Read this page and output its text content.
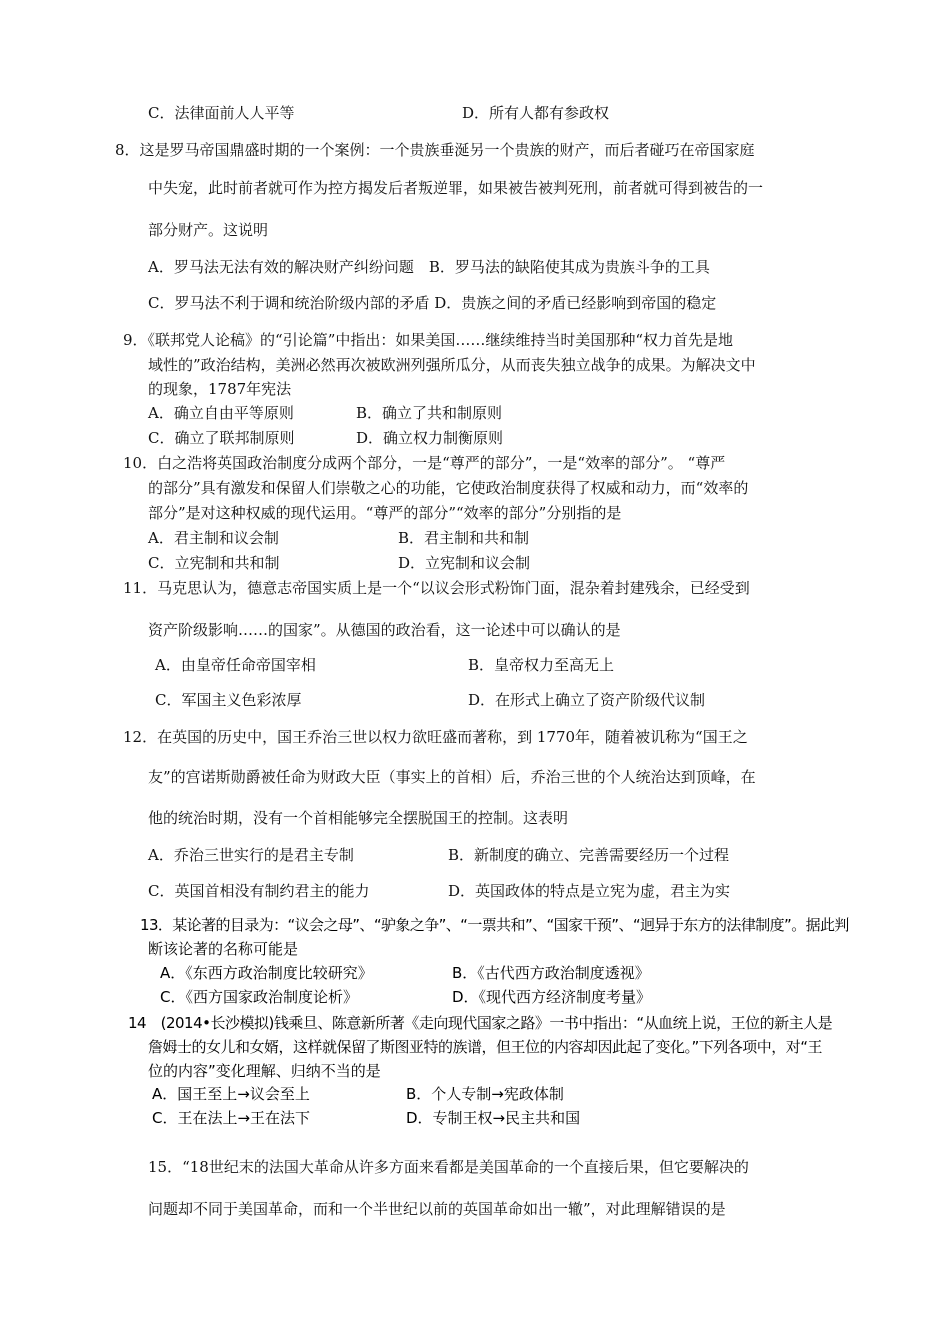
C．法律面前人人平等	D．所有人都有参政权
8．这是罗马帝国鼎盛时期的一个案例：一个贵族垂涎另一个贵族的财产，而后者碰巧在帝国家庭
中失宠，此时前者就可作为控方揭发后者叛逆罪，如果被告被判死刑，前者就可得到被告的一
部分财产。这说明
A．罗马法无法有效的解决财产纠纷问题　B．罗马法的缺陷使其成为贵族斗争的工具
C．罗马法不利于调和统治阶级内部的矛盾 D．贵族之间的矛盾已经影响到帝国的稳定
9．《联邦党人论稿》的“引论篇”中指出：如果美国……继续维持当时美国那种“权力首先是地
域性的”政治结构，美洲必然再次被欧洲列强所瓜分，从而丧失独立战争的成果。为解决文中
的现象，1787年宪法
A．确立自由平等原则	B．确立了共和制原则
C．确立了联邦制原则	D．确立权力制衡原则
10．白之浩将英国政治制度分成两个部分，一是“尊严的部分”，一是“效率的部分”。 “尊严
的部分”具有激发和保留人们崇敬之心的功能，它使政治制度获得了权威和动力，而“效率的
部分”是对这种权威的现代运用。“尊严的部分”“效率的部分”分别指的是
A．君主制和议会制	B．君主制和共和制
C．立宪制和共和制	D．立宪制和议会制
11．马克思认为，德意志帝国实质上是一个“以议会形式粉饰门面，混杂着封建残余，已经受到
资产阶级影响……的国家”。从德国的政治看，这一论述中可以确认的是
A．由皇帝任命帝国宰相	B．皇帝权力至高无上
C．军国主义色彩浓厚	D．在形式上确立了资产阶级代议制
12．在英国的历史中，国王乔治三世以权力欲旺盛而著称，到 1770年，随着被讥称为“国王之
友”的宫诺斯勋爵被任命为财政大臣（事实上的首相）后，乔治三世的个人统治达到顶峰，在
他的统治时期，没有一个首相能够完全摆脱国王的控制。这表明
A．乔治三世实行的是君主专制	B．新制度的确立、完善需要经历一个过程
C．英国首相没有制约君主的能力	D．英国政体的特点是立宪为虚，君主为实
13．某论著的目录为：“议会之母”、“驴象之争”、“一票共和”、“国家干预”、“迥异于东方的法律制度”。据此判
断该论著的名称可能是
A．《东西方政治制度比较研究》	B．《古代西方政治制度透视》
C．《西方国家政治制度论析》	D．《现代西方经济制度考量》
14　(2014•长沙模拟)钱乘旦、陈意新所著《走向现代国家之路》一书中指出：“从血统上说，王位的新主人是
詹姆士的女儿和女婿，这样就保留了斯图亚特的族谱，但王位的内容却因此起了变化。”下列各项中，对“王
位的内容”变化理解、归纳不当的是
A．国王至上→议会至上	B．个人专制→宪政体制
C．王在法上→王在法下	D．专制王权→民主共和国
15．“18世纪末的法国大革命从许多方面来看都是美国革命的一个直接后果，但它要解决的
问题却不同于美国革命，而和一个半世纪以前的英国革命如出一辙”，对此理解错误的是
